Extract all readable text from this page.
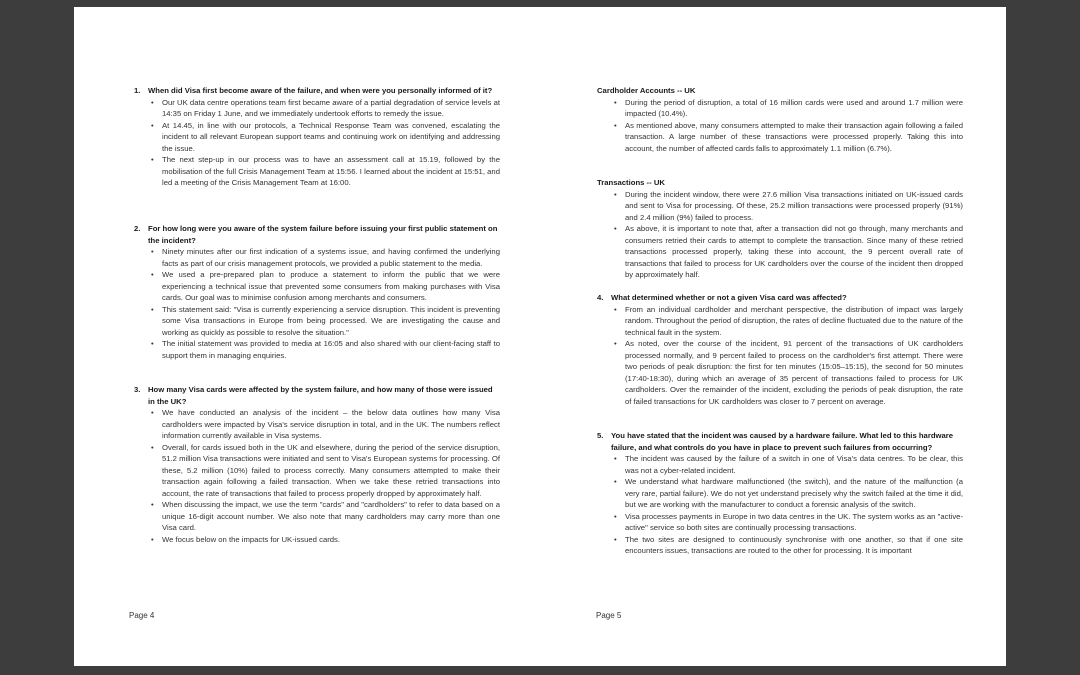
1. When did Visa first become aware of the failure, and when were you personally informed of it?
• Our UK data centre operations team first became aware of a partial degradation of service levels at 14:35 on Friday 1 June, and we immediately undertook efforts to remedy the issue.
• At 14.45, in line with our protocols, a Technical Response Team was convened, escalating the incident to all relevant European support teams and continuing work on identifying and addressing the issue.
• The next step-up in our process was to have an assessment call at 15.19, followed by the mobilisation of the full Crisis Management Team at 15:56. I learned about the incident at 15:51, and led a meeting of the Crisis Management Team at 16:00.
2. For how long were you aware of the system failure before issuing your first public statement on the incident?
• Ninety minutes after our first indication of a systems issue, and having confirmed the underlying facts as part of our crisis management protocols, we provided a public statement to the media.
• We used a pre-prepared plan to produce a statement to inform the public that we were experiencing a technical issue that prevented some consumers from making purchases with Visa cards. Our goal was to minimise confusion among merchants and consumers.
• This statement said: "Visa is currently experiencing a service disruption. This incident is preventing some Visa transactions in Europe from being processed. We are investigating the cause and working as quickly as possible to resolve the situation."
• The initial statement was provided to media at 16:05 and also shared with our client-facing staff to support them in managing enquiries.
3. How many Visa cards were affected by the system failure, and how many of those were issued in the UK?
• We have conducted an analysis of the incident – the below data outlines how many Visa cardholders were impacted by Visa's service disruption in total, and in the UK. The numbers reflect information currently available in Visa systems.
• Overall, for cards issued both in the UK and elsewhere, during the period of the service disruption, 51.2 million Visa transactions were initiated and sent to Visa's European systems for processing. Of these, 5.2 million (10%) failed to process correctly. Many consumers attempted to make their transaction again following a failed transaction. When we take these retried transactions into account, the rate of transactions that failed to process properly dropped by approximately half.
• When discussing the impact, we use the term "cards" and "cardholders" to refer to data based on a unique 16-digit account number. We also note that many cardholders may carry more than one Visa card.
• We focus below on the impacts for UK-issued cards.
Page 4
Cardholder Accounts -- UK
• During the period of disruption, a total of 16 million cards were used and around 1.7 million were impacted (10.4%).
• As mentioned above, many consumers attempted to make their transaction again following a failed transaction. A large number of these transactions were processed properly. Taking this into account, the number of affected cards falls to approximately 1.1 million (6.7%).
Transactions -- UK
• During the incident window, there were 27.6 million Visa transactions initiated on UK-issued cards and sent to Visa for processing. Of these, 25.2 million transactions were processed properly (91%) and 2.4 million (9%) failed to process.
• As above, it is important to note that, after a transaction did not go through, many merchants and consumers retried their cards to attempt to complete the transaction. Since many of these retried transactions processed properly, taking these into account, the 9 percent overall rate of transactions that failed to process for UK cardholders over the course of the incident then dropped by approximately half.
4. What determined whether or not a given Visa card was affected?
• From an individual cardholder and merchant perspective, the distribution of impact was largely random. Throughout the period of disruption, the rates of decline fluctuated due to the nature of the technical fault in the system.
• As noted, over the course of the incident, 91 percent of the transactions of UK cardholders processed normally, and 9 percent failed to process on the cardholder's first attempt. There were two periods of peak disruption: the first for ten minutes (15:05–15:15), the second for 50 minutes (17:40-18:30), during which an average of 35 percent of transactions failed to process for UK cardholders. Over the remainder of the incident, excluding the periods of peak disruption, the rate of failed transactions for UK cardholders was closer to 7 percent on average.
5. You have stated that the incident was caused by a hardware failure. What led to this hardware failure, and what controls do you have in place to prevent such failures from occurring?
• The incident was caused by the failure of a switch in one of Visa's data centres. To be clear, this was not a cyber-related incident.
• We understand what hardware malfunctioned (the switch), and the nature of the malfunction (a very rare, partial failure). We do not yet understand precisely why the switch failed at the time it did, but we are working with the manufacturer to conduct a forensic analysis of the switch.
• Visa processes payments in Europe in two data centres in the UK. The system works as an "active-active" service so both sites are continually processing transactions.
• The two sites are designed to continuously synchronise with one another, so that if one site encounters issues, transactions are routed to the other for processing. It is important
Page 5
